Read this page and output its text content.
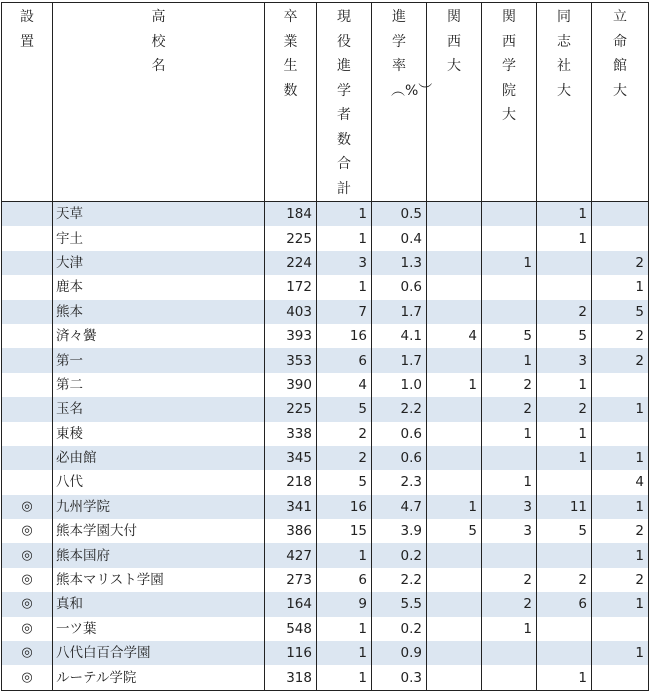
設置	高校名	卒業生数	現役進学者数合計	進学率︵%︶	関西大	関西学院大	同志社大	立命館大
	天草	184	1	0.5			1	
	宇土	225	1	0.4			1	
	大津	224	3	1.3		1		2
	鹿本	172	1	0.6				1
	熊本	403	7	1.7			2	5
	済々黌	393	16	4.1	4	5	5	2
	第一	353	6	1.7		1	3	2
	第二	390	4	1.0	1	2	1	
	玉名	225	5	2.2		2	2	1
	東稜	338	2	0.6		1	1	
	必由館	345	2	0.6			1	1
	八代	218	5	2.3		1		4
◎	九州学院	341	16	4.7	1	3	11	1
◎	熊本学園大付	386	15	3.9	5	3	5	2
◎	熊本国府	427	1	0.2				1
◎	熊本マリスト学園	273	6	2.2		2	2	2
◎	真和	164	9	5.5		2	6	1
◎	一ツ葉	548	1	0.2		1		
◎	八代白百合学園	116	1	0.9				1
◎	ルーテル学院	318	1	0.3			1	
